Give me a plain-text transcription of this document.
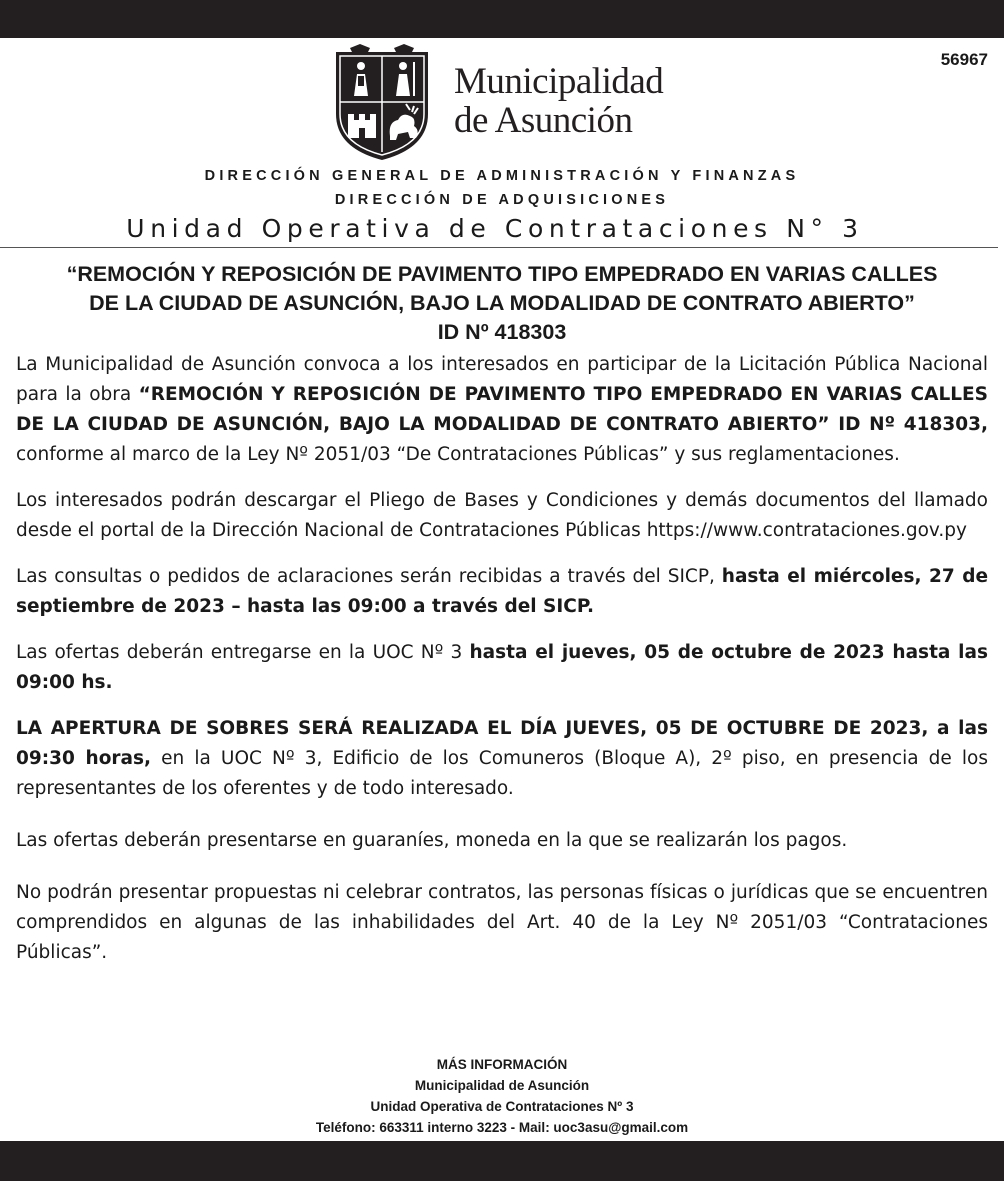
56967
Municipalidad
de Asunción
DIRECCIÓN GENERAL DE ADMINISTRACIÓN Y FINANZAS
DIRECCIÓN DE ADQUISICIONES
Unidad Operativa de Contrataciones N° 3
“REMOCIÓN Y REPOSICIÓN DE PAVIMENTO TIPO EMPEDRADO EN VARIAS CALLES
DE LA CIUDAD DE ASUNCIÓN, BAJO LA MODALIDAD DE CONTRATO ABIERTO”
ID Nº 418303

La Municipalidad de Asunción convoca a los interesados en participar de la Licitación Pública Nacional para la obra “REMOCIÓN Y REPOSICIÓN DE PAVIMENTO TIPO EMPEDRADO EN VARIAS CALLES DE LA CIUDAD DE ASUNCIÓN, BAJO LA MODALIDAD DE CONTRATO ABIERTO” ID Nº 418303, conforme al marco de la Ley Nº 2051/03 “De Contrataciones Públicas” y sus reglamentaciones.

Los interesados podrán descargar el Pliego de Bases y Condiciones y demás documentos del llamado desde el portal de la Dirección Nacional de Contrataciones Públicas https://www.contrataciones.gov.py

Las consultas o pedidos de aclaraciones serán recibidas a través del SICP, hasta el miércoles, 27 de septiembre de 2023 – hasta las 09:00 a través del SICP.

Las ofertas deberán entregarse en la UOC Nº 3 hasta el jueves, 05 de octubre de 2023 hasta las 09:00 hs.

LA APERTURA DE SOBRES SERÁ REALIZADA EL DÍA JUEVES, 05 DE OCTUBRE DE 2023, a las 09:30 horas, en la UOC Nº 3, Edificio de los Comuneros (Bloque A), 2º piso, en presencia de los representantes de los oferentes y de todo interesado.

Las ofertas deberán presentarse en guaraníes, moneda en la que se realizarán los pagos.

No podrán presentar propuestas ni celebrar contratos, las personas físicas o jurídicas que se encuentren comprendidos en algunas de las inhabilidades del Art. 40 de la Ley Nº 2051/03 “Contrataciones Públicas”.

MÁS INFORMACIÓN
Municipalidad de Asunción
Unidad Operativa de Contrataciones Nº 3
Teléfono: 663311 interno 3223 - Mail: uoc3asu@gmail.com
